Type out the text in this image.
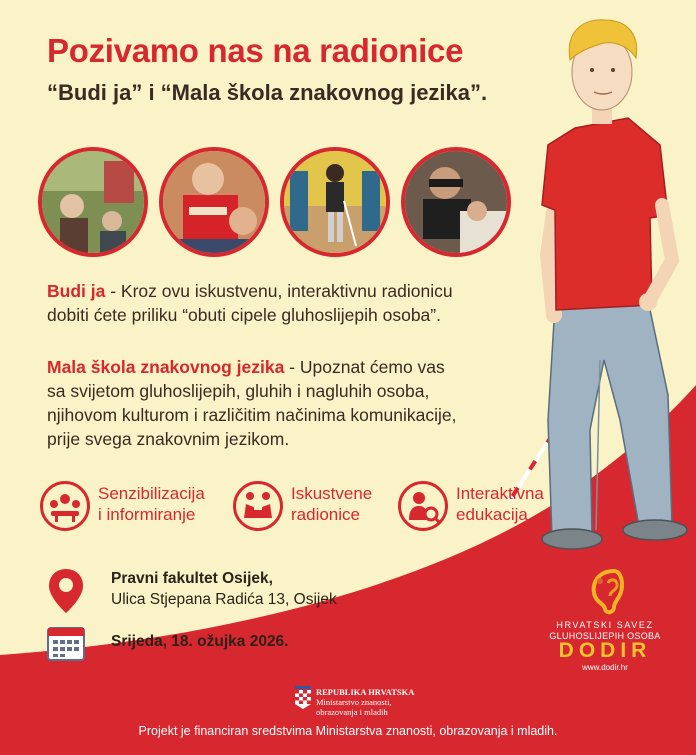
Pozivamo nas na radionice
“Budi ja” i “Mala škola znakovnog jezika”.
Budi ja - Kroz ovu iskustvenu, interaktivnu radionicu
dobiti ćete priliku “obuti cipele gluhoslijepih osoba”.
Mala škola znakovnog jezika - Upoznat ćemo vas
sa svijetom gluhoslijepih, gluhih i nagluhih osoba,
njihovom kulturom i različitim načinima komunikacije,
prije svega znakovnim jezikom.
Senzibilizacija
i informiranje
Iskustvene
radionice
Interaktivna
edukacija
Pravni fakultet Osijek,
Ulica Stjepana Radića 13, Osijek
Srijeda, 18. ožujka 2026.
HRVATSKI SAVEZ
GLUHOSLIJEPIH OSOBA
DODIR
www.dodir.hr
REPUBLIKA HRVATSKA
Ministarstvo znanosti,
obrazovanja i mladih
Projekt je financiran sredstvima Ministarstva znanosti, obrazovanja i mladih.
